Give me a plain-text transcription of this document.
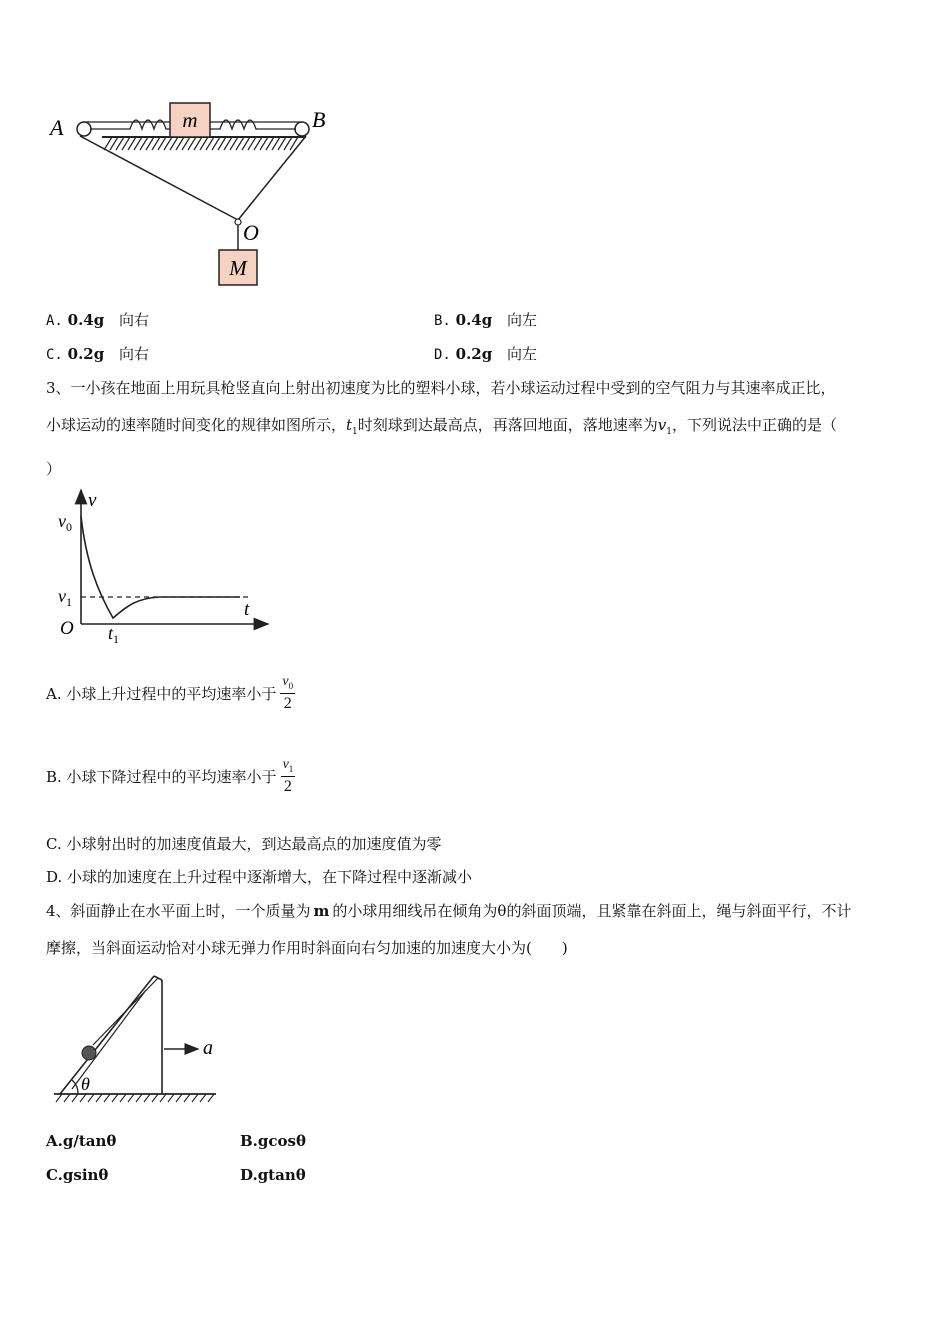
m
M
A	B
O
A. 0.4g 向右	B. 0.4g 向左
C. 0.2g 向右	D. 0.2g 向左
3、一小孩在地面上用玩具枪竖直向上射出初速度为比的塑料小球，若小球运动过程中受到的空气阻力与其速率成正比，
小球运动的速率随时间变化的规律如图所示，$t_1$时刻球到达最高点，再落回地面，落地速率为$v_1$，下列说法中正确的是（
）
v
t
O
$v_0$
$v_1$
$t_1$
A. 小球上升过程中的平均速率小于 $\frac{v_0}{2}$
B. 小球下降过程中的平均速率小于 $\frac{v_1}{2}$
C. 小球射出时的加速度值最大，到达最高点的加速度值为零
D. 小球的加速度在上升过程中逐渐增大，在下降过程中逐渐减小
4、斜面静止在水平面上时，一个质量为 m 的小球用细线吊在倾角为θ的斜面顶端，且紧靠在斜面上，绳与斜面平行，不计
摩擦，当斜面运动恰对小球无弹力作用时斜面向右匀加速的加速度大小为(　　)
θ
a
A.g/tanθ	B.gcosθ
C.gsinθ	D.gtanθ
